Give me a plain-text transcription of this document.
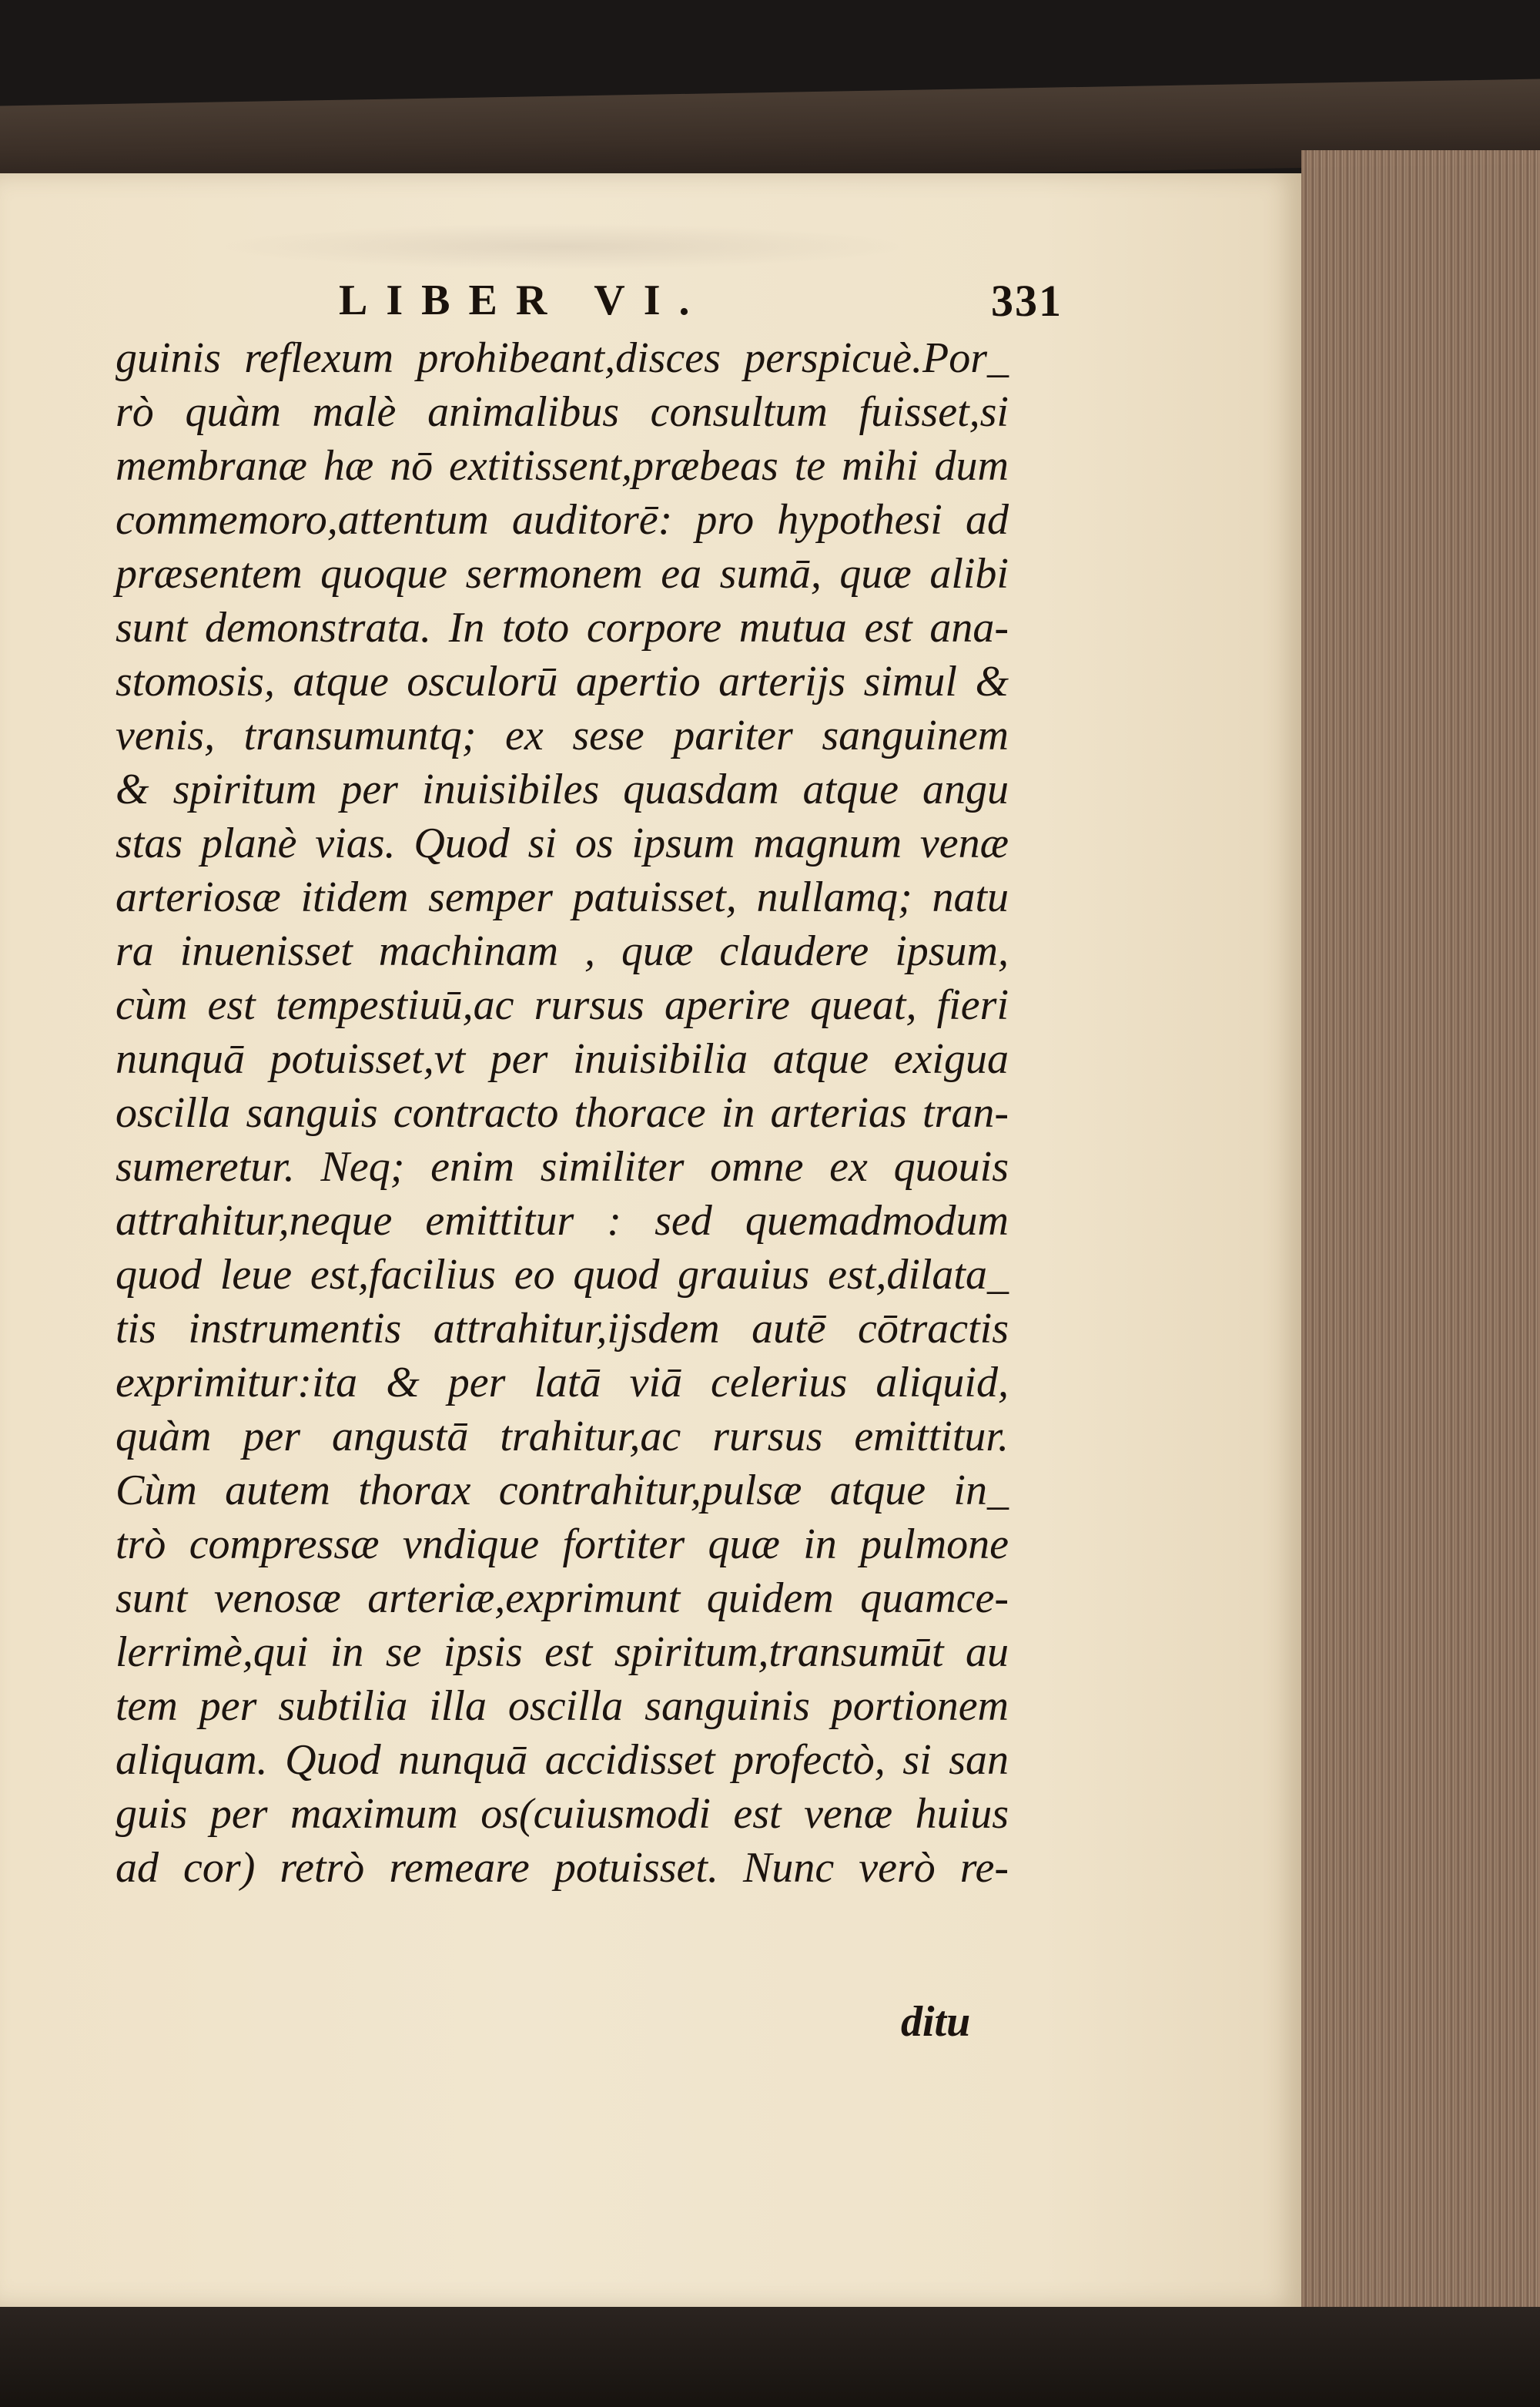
LIBER VI.	331
guinis reflexum prohibeant,disces perspicuè.Por_
rò quàm malè animalibus consultum fuisset,si
membranæ hæ nō extitissent,præbeas te mihi dum
commemoro,attentum auditorē: pro hypothesi ad
præsentem quoque sermonem ea sumā, quæ alibi
sunt demonstrata. In toto corpore mutua est ana-
stomosis, atque osculorū apertio arterijs simul &
venis, transumuntq; ex sese pariter sanguinem
& spiritum per inuisibiles quasdam atque angu
stas planè vias. Quod si os ipsum magnum venæ
arteriosæ itidem semper patuisset, nullamq; natu
ra inuenisset machinam , quæ claudere ipsum,
cùm est tempestiuū,ac rursus aperire queat, fieri
nunquā potuisset,vt per inuisibilia atque exigua
oscilla sanguis contracto thorace in arterias tran-
sumeretur. Neq; enim similiter omne ex quouis
attrahitur,neque emittitur : sed quemadmodum
quod leue est,facilius eo quod grauius est,dilata_
tis instrumentis attrahitur,ijsdem autē cōtractis
exprimitur:ita & per latā viā celerius aliquid,
quàm per angustā trahitur,ac rursus emittitur.
Cùm autem thorax contrahitur,pulsæ atque in_
trò compressæ vndique fortiter quæ in pulmone
sunt venosæ arteriæ,exprimunt quidem quamce-
lerrimè,qui in se ipsis est spiritum,transumūt au
tem per subtilia illa oscilla sanguinis portionem
aliquam. Quod nunquā accidisset profectò, si san
guis per maximum os(cuiusmodi est venæ huius
ad cor) retrò remeare potuisset. Nunc verò re-
ditu
